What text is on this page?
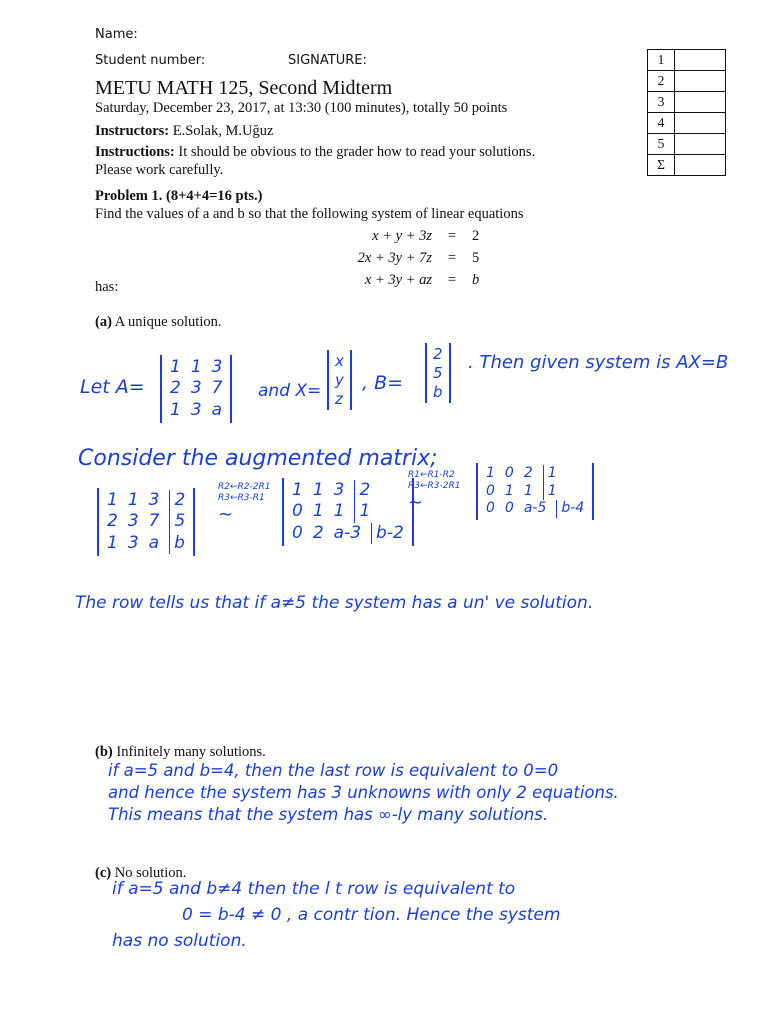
Name:
Student number:	SIGNATURE:
METU MATH 125, Second Midterm
Saturday, December 23, 2017, at 13:30 (100 minutes), totally 50 points
Instructors: E.Solak, M.Uğuz
Instructions: It should be obvious to the grader how to read your solutions.
Please work carefully.
1	
2	
3	
4	
5	
Σ	
Problem 1. (8+4+4=16 pts.)
Find the values of a and b so that the following system of linear equations
x + y + 3z	=	2
2x + 3y + 7z	=	5
x + 3y + az	=	b
has:
(a) A unique solution.
Let A=
1 1 3
2 3 7
1 3 a
and X=
x
y
z
, B=
2
5
b
. Then given system is AX=B
Consider the augmented matrix;
1 1 3 2
2 3 7 5
1 3 a b
R2←R2-2R1
R3←R3-R1
∼
1 1 3 2
0 1 1 1
0 2 a-3 b-2
R1←R1-R2
R3←R3-2R1
∼
1 0 2	1
0 1 1	1
0 0 a-5	b-4
The row tells us that if a≠5 the system has a un' ve solution.
(b) Infinitely many solutions.
if a=5 and b=4, then the last row is equivalent to 0=0
and hence the system has 3 unknowns with only 2 equations.
This means that the system has ∞-ly many solutions.
(c) No solution.
if a=5 and b≠4 then the l t row is equivalent to
0 = b-4 ≠ 0 , a contr tion. Hence the system
has no solution.
